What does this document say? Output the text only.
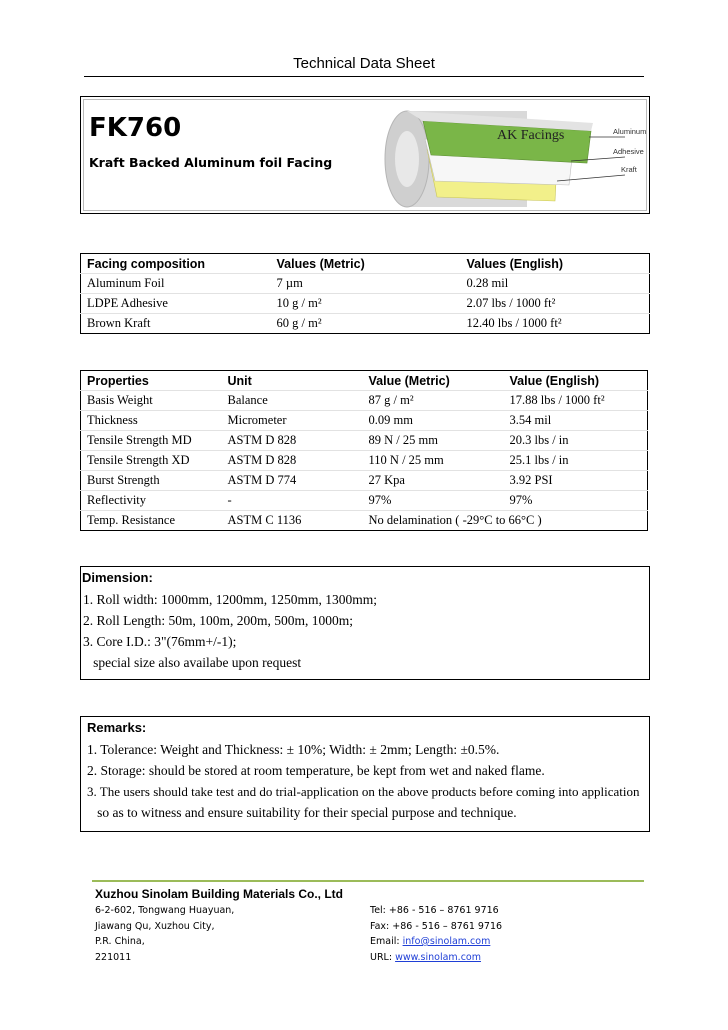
Technical Data Sheet
FK760
Kraft Backed Aluminum foil Facing
AK Facings	Aluminum
Adhesive
Kraft
Facing composition	Values (Metric)	Values (English)
Aluminum Foil	7 µm	0.28 mil
LDPE Adhesive	10 g / m²	2.07 lbs / 1000 ft²
Brown Kraft	60 g / m²	12.40 lbs / 1000 ft²
Properties	Unit	Value (Metric)	Value (English)
Basis Weight	Balance	87 g / m²	17.88 lbs / 1000 ft²
Thickness	Micrometer	0.09 mm	3.54 mil
Tensile Strength MD	ASTM D 828	89 N / 25 mm	20.3 lbs / in
Tensile Strength XD	ASTM D 828	110 N / 25 mm	25.1 lbs / in
Burst Strength	ASTM D 774	27 Kpa	3.92 PSI
Reflectivity	-	97%	97%
Temp. Resistance	ASTM C 1136	No delamination ( -29°C to 66°C )	
Dimension:
1. Roll width: 1000mm, 1200mm, 1250mm, 1300mm;
2. Roll Length: 50m, 100m, 200m, 500m, 1000m;
3. Core I.D.: 3"(76mm+/-1);
special size also availabe upon request
Remarks:
1. Tolerance: Weight and Thickness: ± 10%; Width: ± 2mm; Length: ±0.5%.
2. Storage: should be stored at room temperature, be kept from wet and naked flame.
3. The users should take test and do trial-application on the above products before coming into application
so as to witness and ensure suitability for their special purpose and technique.
Xuzhou Sinolam Building Materials Co., Ltd
6-2-602, Tongwang Huayuan,
Jiawang Qu, Xuzhou City,
P.R. China,
221011
Tel: +86 - 516 – 8761 9716
Fax: +86 - 516 – 8761 9716
Email: info@sinolam.com
URL: www.sinolam.com
